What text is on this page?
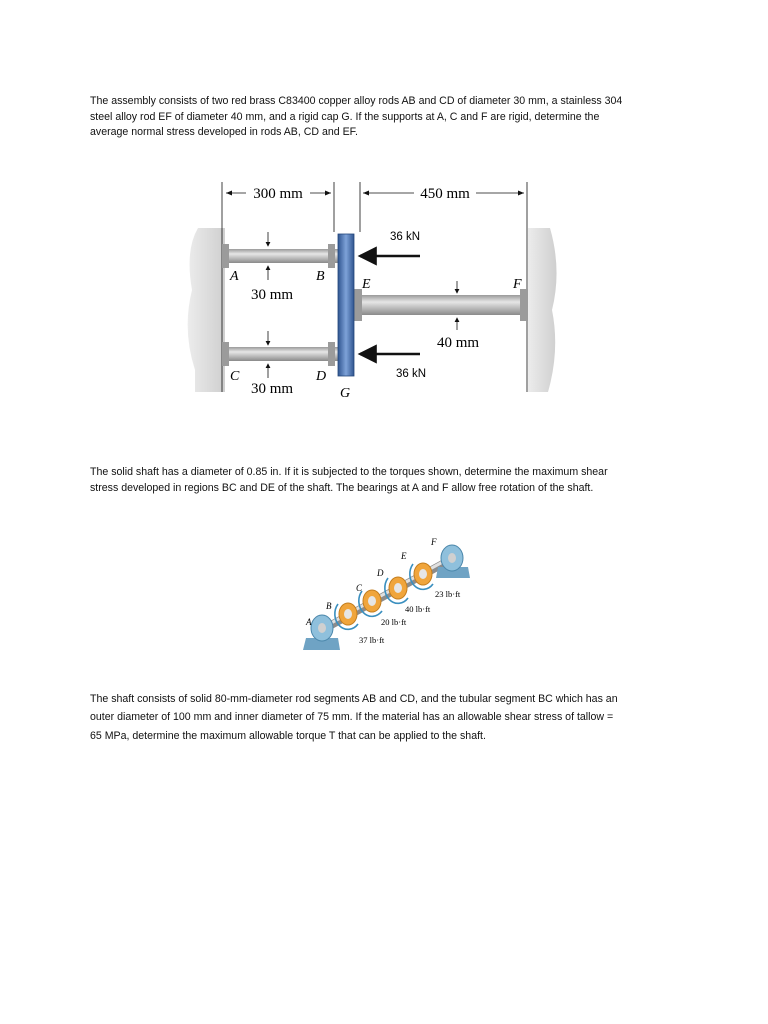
The assembly consists of two red brass C83400 copper alloy rods AB and CD of diameter 30 mm, a stainless 304
steel alloy rod EF of diameter 40 mm, and a rigid cap G. If the supports at A, C and F are rigid, determine the
average normal stress developed in rods AB, CD and EF.

300 mm	450 mm
36 kN
36 kN
A	B
C	D
E	F
G
30 mm
30 mm
40 mm
A
B
C
D
E
F
23 lb·ft
40 lb·ft
20 lb·ft
37 lb·ft

The solid shaft has a diameter of 0.85 in. If it is subjected to the torques shown, determine the maximum shear
stress developed in regions BC and DE of the shaft. The bearings at A and F allow free rotation of the shaft.

The shaft consists of solid 80-mm-diameter rod segments AB and CD, and the tubular segment BC which has an
outer diameter of 100 mm and inner diameter of 75 mm. If the material has an allowable shear stress of tallow =
65 MPa, determine the maximum allowable torque T that can be applied to the shaft.
